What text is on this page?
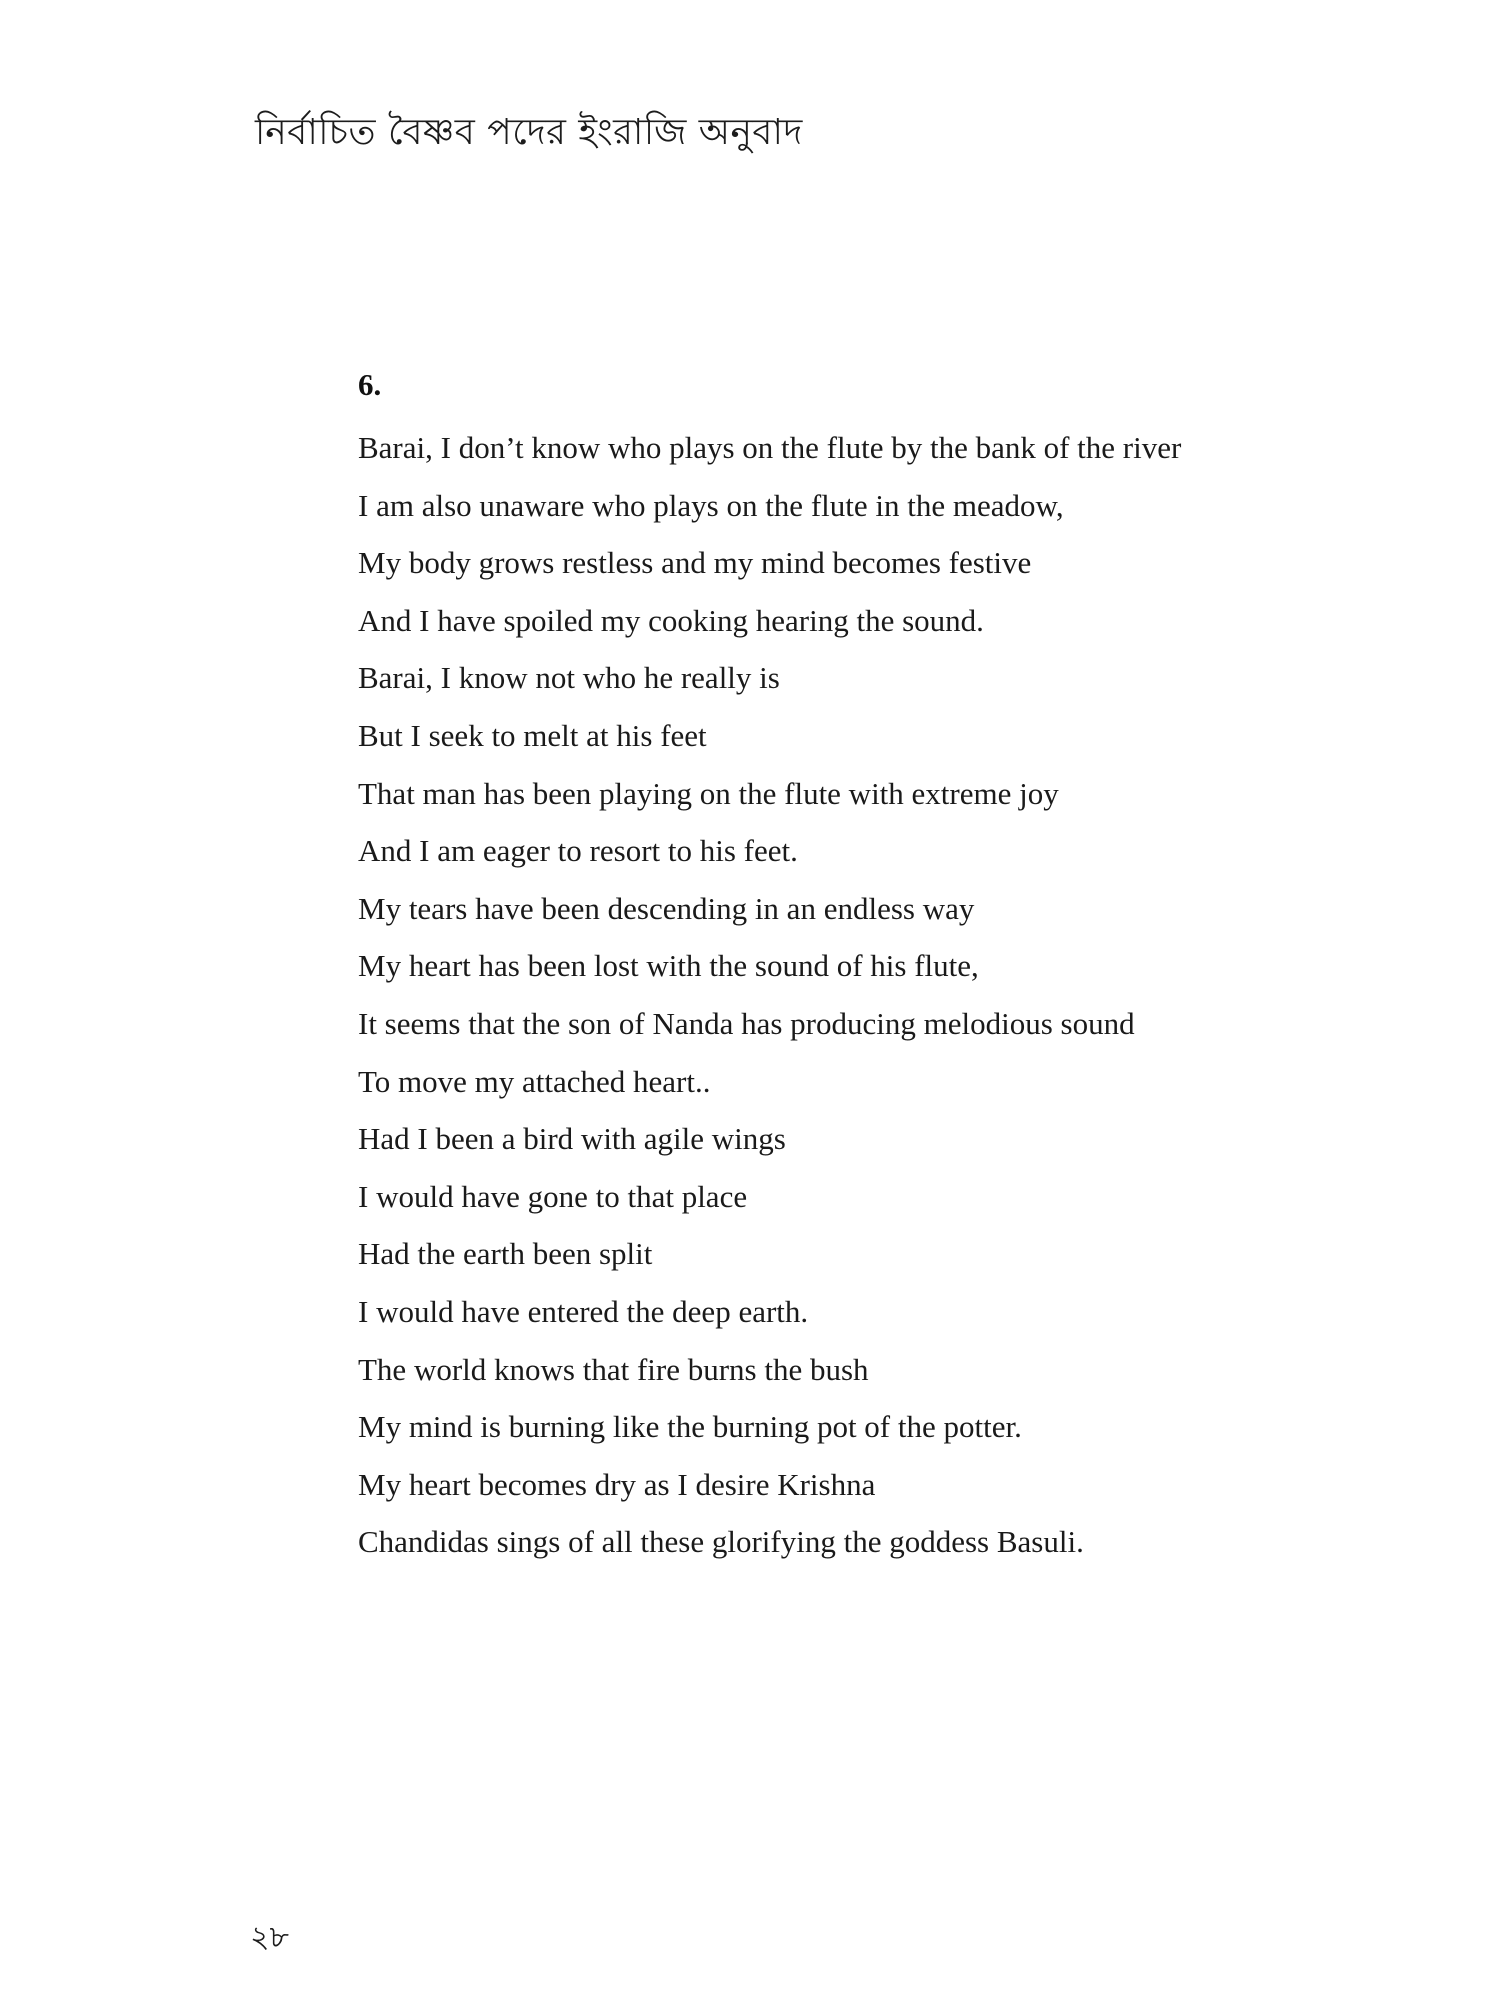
নির্বাচিত বৈষ্ণব পদের ইংরাজি অনুবাদ
6.
Barai, I don’t know who plays on the flute by the bank of the river
I am also unaware who plays on the flute in the meadow,
My body grows restless and my mind becomes festive
And I have spoiled my cooking hearing the sound.
Barai, I know not who he really is
But I seek to melt at his feet
That man has been playing on the flute with extreme joy
And I am eager to resort to his feet.
My tears have been descending in an endless way
My heart has been lost with the sound of his flute,
It seems that the son of Nanda has producing melodious sound
To move my attached heart..
Had I been a bird with agile wings
I would have gone to that place
Had the earth been split
I would have entered the deep earth.
The world knows that fire burns the bush
My mind is burning like the burning pot of the potter.
My heart becomes dry as I desire Krishna
Chandidas sings of all these glorifying the goddess Basuli.
২৮
